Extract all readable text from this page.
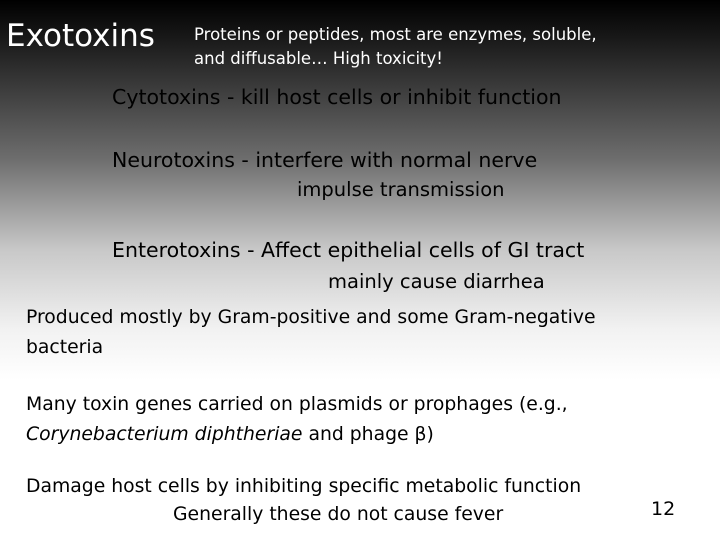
Exotoxins Proteins or peptides, most are enzymes, soluble,
and diffusable… High toxicity!
Cytotoxins - kill host cells or inhibit function
Neurotoxins - interfere with normal nerve
impulse transmission
Enterotoxins - Affect epithelial cells of GI tract
mainly cause diarrhea
Produced mostly by Gram-positive and some Gram-negative
bacteria
Many toxin genes carried on plasmids or prophages (e.g.,
Corynebacterium diphtheriae and phage β)
Damage host cells by inhibiting specific metabolic function
Generally these do not cause fever	12
